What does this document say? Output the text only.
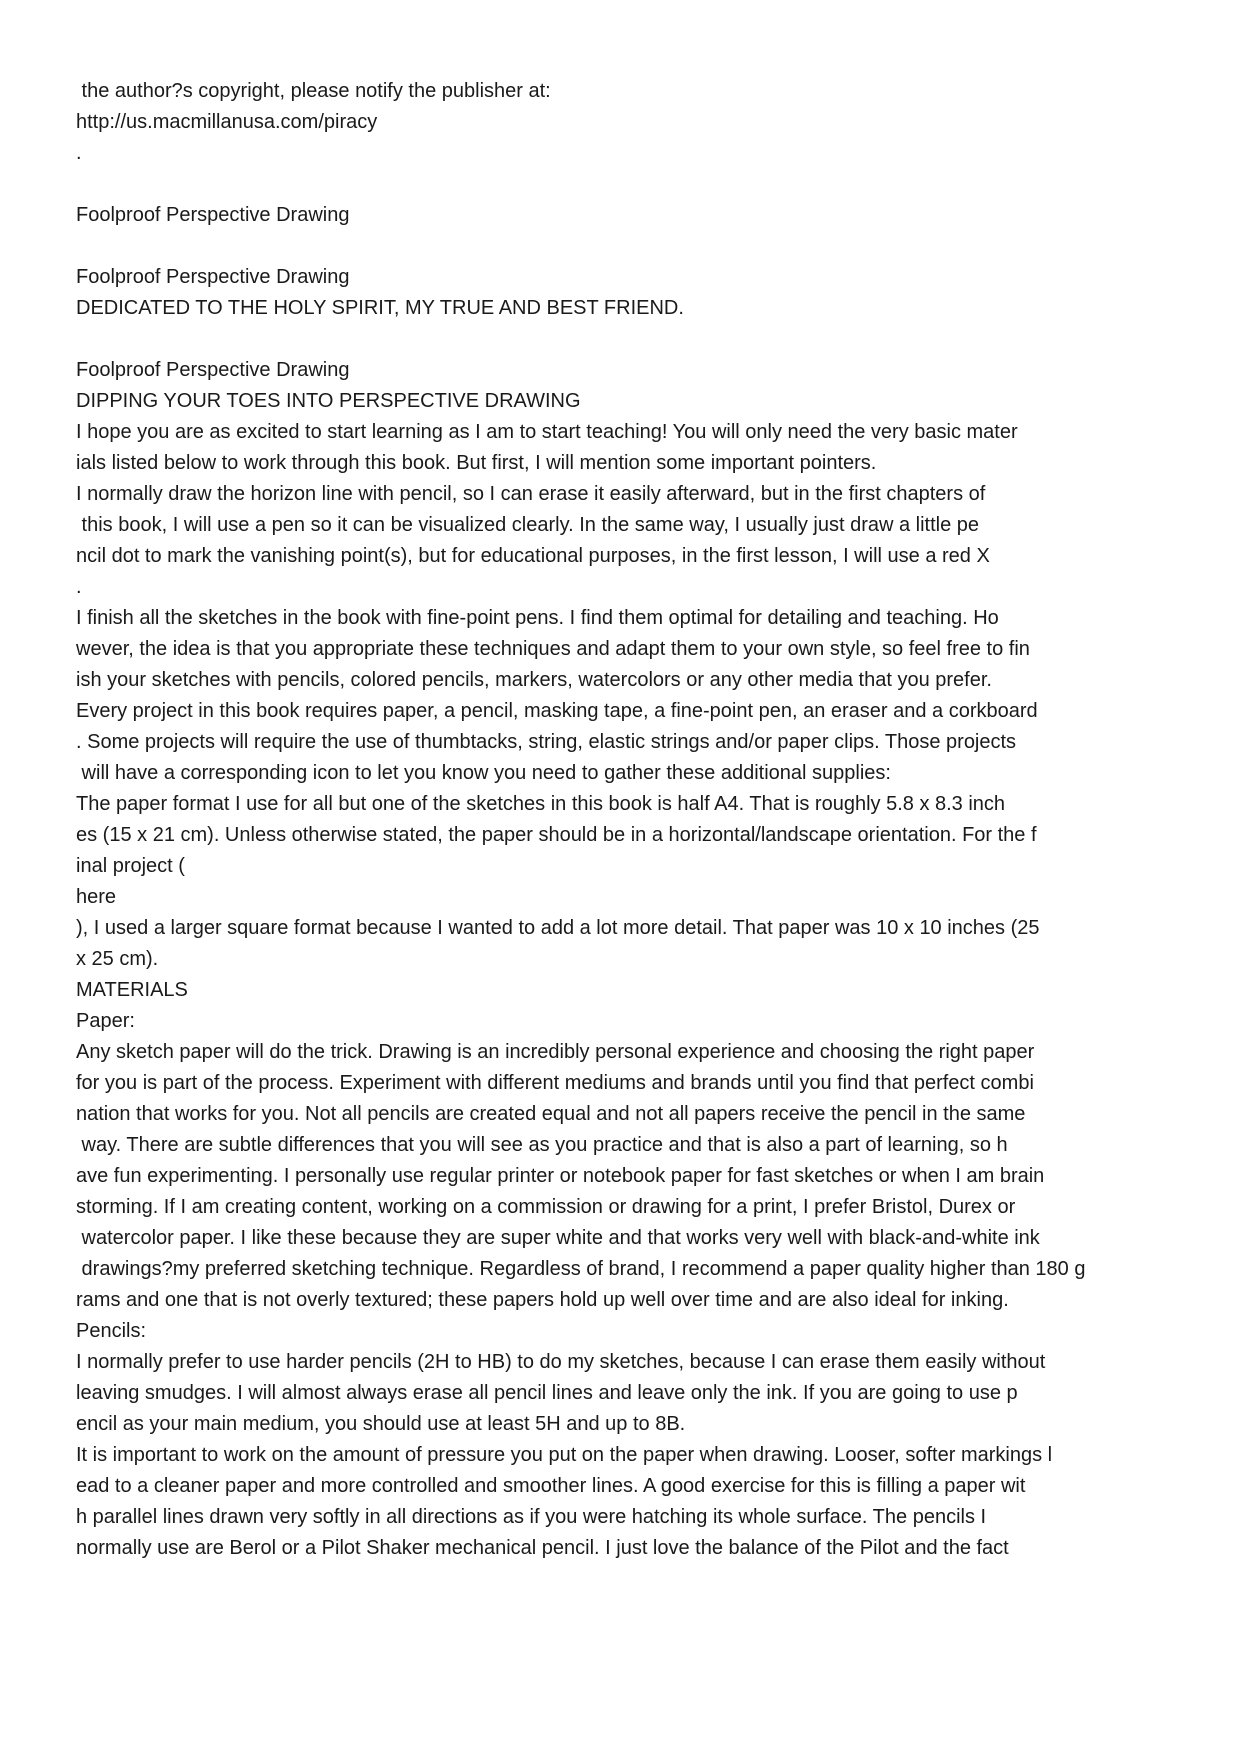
the author?s copyright, please notify the publisher at:
http://us.macmillanusa.com/piracy
.
Foolproof Perspective Drawing
Foolproof Perspective Drawing
DEDICATED TO THE HOLY SPIRIT, MY TRUE AND BEST FRIEND.
Foolproof Perspective Drawing
DIPPING YOUR TOES INTO PERSPECTIVE DRAWING
I hope you are as excited to start learning as I am to start teaching! You will only need the very basic mater
ials listed below to work through this book. But first, I will mention some important pointers.
I normally draw the horizon line with pencil, so I can erase it easily afterward, but in the first chapters of
this book, I will use a pen so it can be visualized clearly. In the same way, I usually just draw a little pe
ncil dot to mark the vanishing point(s), but for educational purposes, in the first lesson, I will use a red X
.
I finish all the sketches in the book with fine-point pens. I find them optimal for detailing and teaching. Ho
wever, the idea is that you appropriate these techniques and adapt them to your own style, so feel free to fin
ish your sketches with pencils, colored pencils, markers, watercolors or any other media that you prefer.
Every project in this book requires paper, a pencil, masking tape, a fine-point pen, an eraser and a corkboard
. Some projects will require the use of thumbtacks, string, elastic strings and/or paper clips. Those projects
will have a corresponding icon to let you know you need to gather these additional supplies:
The paper format I use for all but one of the sketches in this book is half A4. That is roughly 5.8 x 8.3 inch
es (15 x 21 cm). Unless otherwise stated, the paper should be in a horizontal/landscape orientation. For the f
inal project (
here
), I used a larger square format because I wanted to add a lot more detail. That paper was 10 x 10 inches (25
x 25 cm).
MATERIALS
Paper:
Any sketch paper will do the trick. Drawing is an incredibly personal experience and choosing the right paper
for you is part of the process. Experiment with different mediums and brands until you find that perfect combi
nation that works for you. Not all pencils are created equal and not all papers receive the pencil in the same
way. There are subtle differences that you will see as you practice and that is also a part of learning, so h
ave fun experimenting. I personally use regular printer or notebook paper for fast sketches or when I am brain
storming. If I am creating content, working on a commission or drawing for a print, I prefer Bristol, Durex or
watercolor paper. I like these because they are super white and that works very well with black-and-white ink
drawings?my preferred sketching technique. Regardless of brand, I recommend a paper quality higher than 180 g
rams and one that is not overly textured; these papers hold up well over time and are also ideal for inking.
Pencils:
I normally prefer to use harder pencils (2H to HB) to do my sketches, because I can erase them easily without
leaving smudges. I will almost always erase all pencil lines and leave only the ink. If you are going to use p
encil as your main medium, you should use at least 5H and up to 8B.
It is important to work on the amount of pressure you put on the paper when drawing. Looser, softer markings l
ead to a cleaner paper and more controlled and smoother lines. A good exercise for this is filling a paper wit
h parallel lines drawn very softly in all directions as if you were hatching its whole surface. The pencils I
normally use are Berol or a Pilot Shaker mechanical pencil. I just love the balance of the Pilot and the fact
